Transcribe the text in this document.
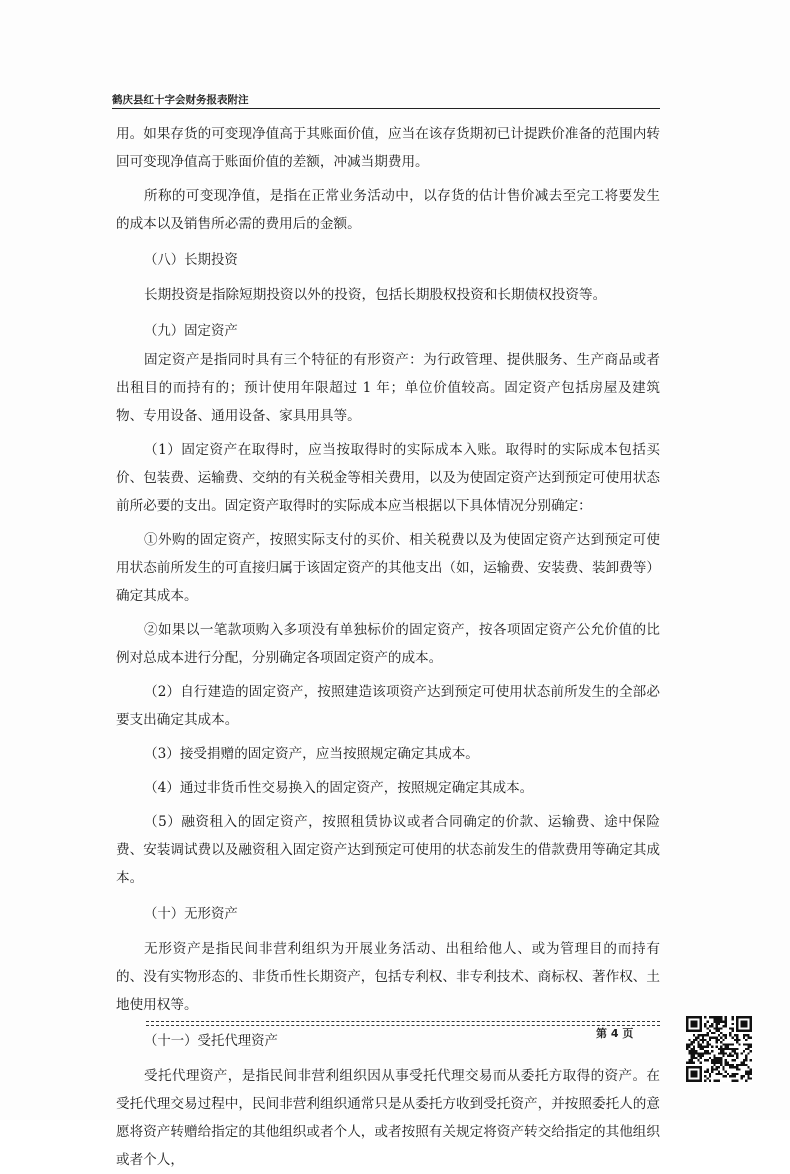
鹤庆县红十字会财务报表附注

用。如果存货的可变现净值高于其账面价值，应当在该存货期初已计提跌价准备的范围内转回可变现净值高于账面价值的差额，冲减当期费用。

所称的可变现净值，是指在正常业务活动中，以存货的估计售价减去至完工将要发生的成本以及销售所必需的费用后的金额。

（八）长期投资

长期投资是指除短期投资以外的投资，包括长期股权投资和长期债权投资等。

（九）固定资产

固定资产是指同时具有三个特征的有形资产：为行政管理、提供服务、生产商品或者出租目的而持有的；预计使用年限超过 1 年；单位价值较高。固定资产包括房屋及建筑物、专用设备、通用设备、家具用具等。

（1）固定资产在取得时，应当按取得时的实际成本入账。取得时的实际成本包括买价、包装费、运输费、交纳的有关税金等相关费用，以及为使固定资产达到预定可使用状态前所必要的支出。固定资产取得时的实际成本应当根据以下具体情况分别确定：

①外购的固定资产，按照实际支付的买价、相关税费以及为使固定资产达到预定可使用状态前所发生的可直接归属于该固定资产的其他支出（如，运输费、安装费、装卸费等）确定其成本。

②如果以一笔款项购入多项没有单独标价的固定资产，按各项固定资产公允价值的比例对总成本进行分配，分别确定各项固定资产的成本。

（2）自行建造的固定资产，按照建造该项资产达到预定可使用状态前所发生的全部必要支出确定其成本。

（3）接受捐赠的固定资产，应当按照规定确定其成本。

（4）通过非货币性交易换入的固定资产，按照规定确定其成本。

（5）融资租入的固定资产，按照租赁协议或者合同确定的价款、运输费、途中保险费、安装调试费以及融资租入固定资产达到预定可使用的状态前发生的借款费用等确定其成本。

（十）无形资产

无形资产是指民间非营利组织为开展业务活动、出租给他人、或为管理目的而持有的、没有实物形态的、非货币性长期资产，包括专利权、非专利技术、商标权、著作权、土地使用权等。

（十一）受托代理资产

受托代理资产，是指民间非营利组织因从事受托代理交易而从委托方取得的资产。在受托代理交易过程中，民间非营利组织通常只是从委托方收到受托资产，并按照委托人的意愿将资产转赠给指定的其他组织或者个人，或者按照有关规定将资产转交给指定的其他组织或者个人，

第 4 页
